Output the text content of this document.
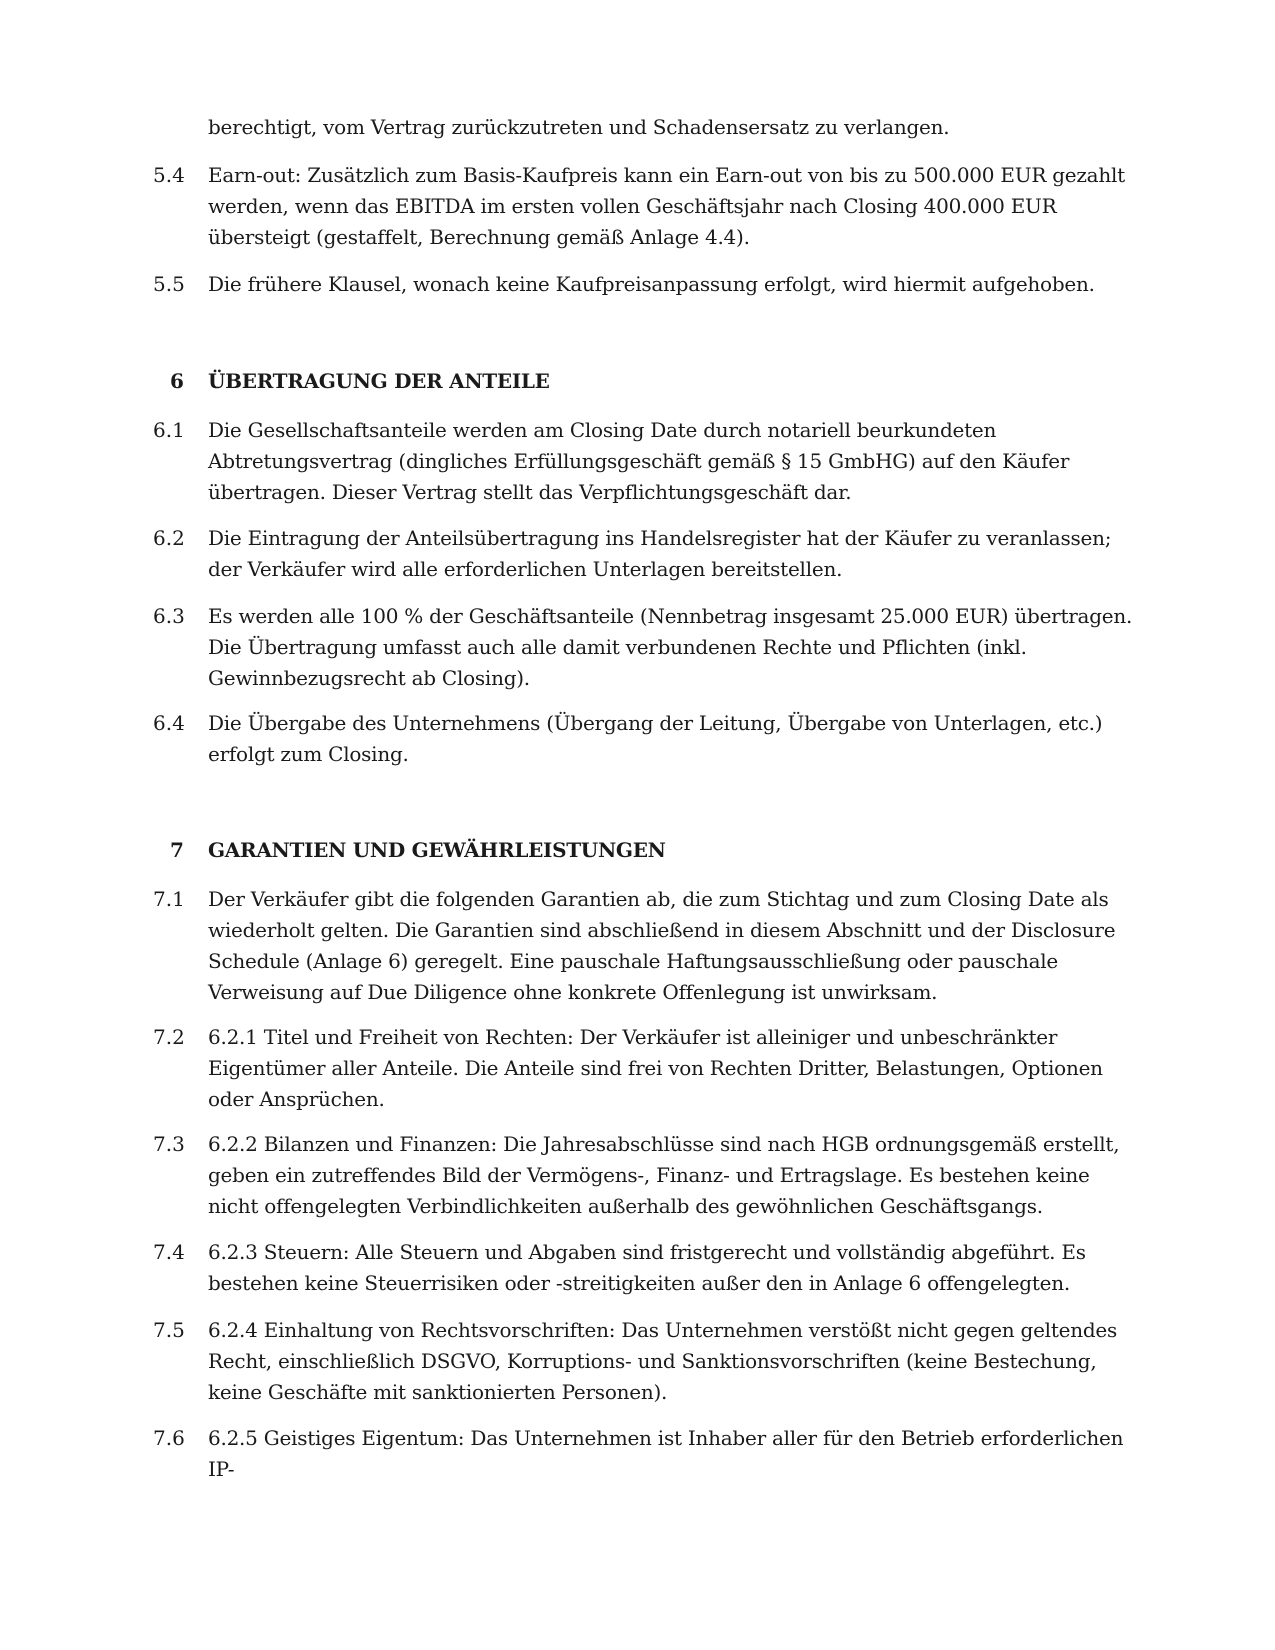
berechtigt, vom Vertrag zurückzutreten und Schadensersatz zu verlangen.
5.4	Earn-out: Zusätzlich zum Basis-Kaufpreis kann ein Earn-out von bis zu 500.000 EUR gezahlt werden, wenn das EBITDA im ersten vollen Geschäftsjahr nach Closing 400.000 EUR übersteigt (gestaffelt, Berechnung gemäß Anlage 4.4).
5.5	Die frühere Klausel, wonach keine Kaufpreisanpassung erfolgt, wird hiermit aufgehoben.
6	ÜBERTRAGUNG DER ANTEILE
6.1	Die Gesellschaftsanteile werden am Closing Date durch notariell beurkundeten Abtretungsvertrag (dingliches Erfüllungsgeschäft gemäß § 15 GmbHG) auf den Käufer übertragen. Dieser Vertrag stellt das Verpflichtungsgeschäft dar.
6.2	Die Eintragung der Anteilsübertragung ins Handelsregister hat der Käufer zu veranlassen; der Verkäufer wird alle erforderlichen Unterlagen bereitstellen.
6.3	Es werden alle 100 % der Geschäftsanteile (Nennbetrag insgesamt 25.000 EUR) übertragen. Die Übertragung umfasst auch alle damit verbundenen Rechte und Pflichten (inkl. Gewinnbezugsrecht ab Closing).
6.4	Die Übergabe des Unternehmens (Übergang der Leitung, Übergabe von Unterlagen, etc.) erfolgt zum Closing.
7	GARANTIEN UND GEWÄHRLEISTUNGEN
7.1	Der Verkäufer gibt die folgenden Garantien ab, die zum Stichtag und zum Closing Date als wiederholt gelten. Die Garantien sind abschließend in diesem Abschnitt und der Disclosure Schedule (Anlage 6) geregelt. Eine pauschale Haftungsausschließung oder pauschale Verweisung auf Due Diligence ohne konkrete Offenlegung ist unwirksam.
7.2	6.2.1 Titel und Freiheit von Rechten: Der Verkäufer ist alleiniger und unbeschränkter Eigentümer aller Anteile. Die Anteile sind frei von Rechten Dritter, Belastungen, Optionen oder Ansprüchen.
7.3	6.2.2 Bilanzen und Finanzen: Die Jahresabschlüsse sind nach HGB ordnungsgemäß erstellt, geben ein zutreffendes Bild der Vermögens-, Finanz- und Ertragslage. Es bestehen keine nicht offengelegten Verbindlichkeiten außerhalb des gewöhnlichen Geschäftsgangs.
7.4	6.2.3 Steuern: Alle Steuern und Abgaben sind fristgerecht und vollständig abgeführt. Es bestehen keine Steuerrisiken oder -streitigkeiten außer den in Anlage 6 offengelegten.
7.5	6.2.4 Einhaltung von Rechtsvorschriften: Das Unternehmen verstößt nicht gegen geltendes Recht, einschließlich DSGVO, Korruptions- und Sanktionsvorschriften (keine Bestechung, keine Geschäfte mit sanktionierten Personen).
7.6	6.2.5 Geistiges Eigentum: Das Unternehmen ist Inhaber aller für den Betrieb erforderlichen IP-
